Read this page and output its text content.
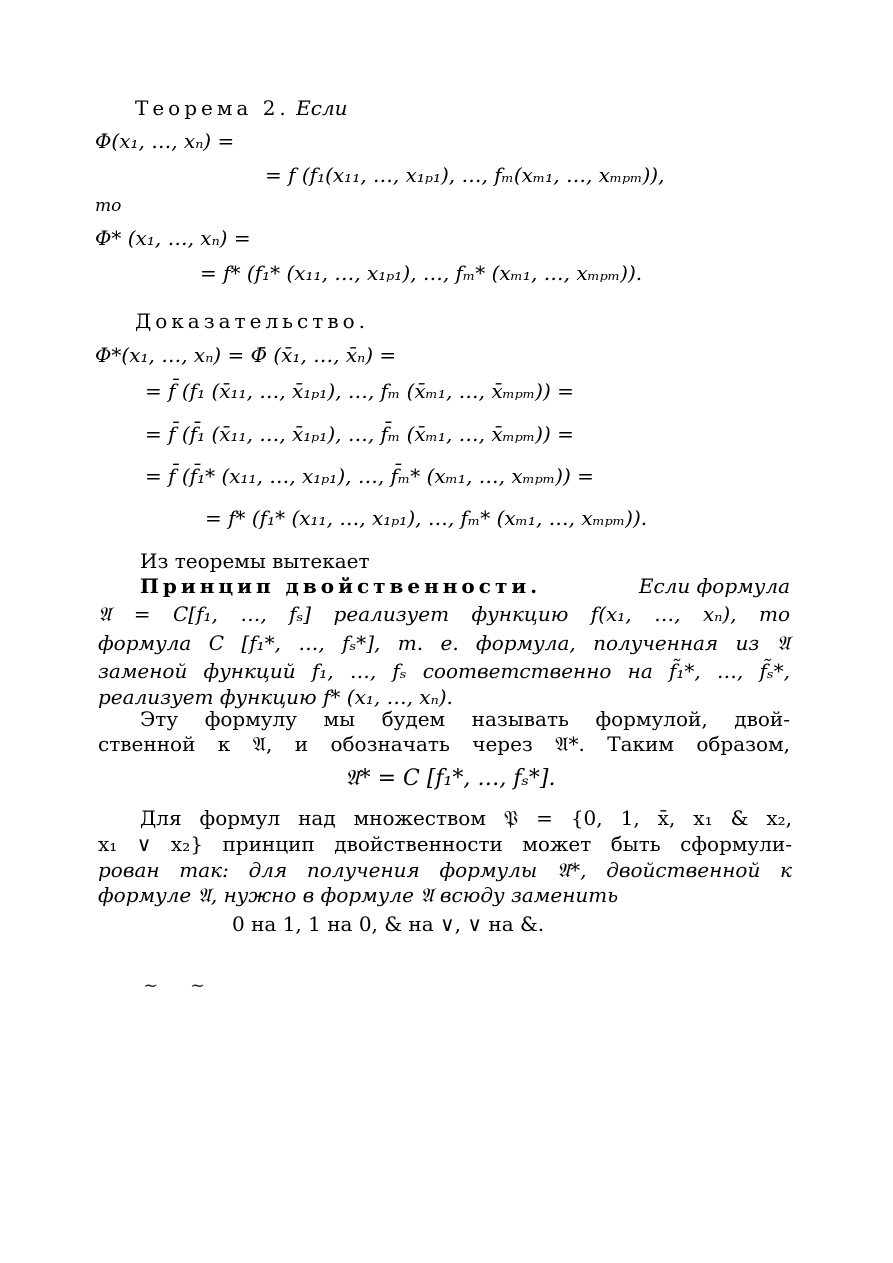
Теорема 2. Если
Φ(x₁, …, xₙ) =
= f (f₁(x₁₁, …, x₁ₚ₁), …, fₘ(xₘ₁, …, xₘₚₘ)),
то
Φ* (x₁, …, xₙ) =
= f* (f₁* (x₁₁, …, x₁ₚ₁), …, fₘ* (xₘ₁, …, xₘₚₘ)).
Доказательство.
Φ*(x₁, …, xₙ) = Φ̄ (x̄₁, …, x̄ₙ) =
= f̄ (f₁ (x̄₁₁, …, x̄₁ₚ₁), …, fₘ (x̄ₘ₁, …, x̄ₘₚₘ)) =
= f̄ (f̄̄₁ (x̄₁₁, …, x̄₁ₚ₁), …, f̄̄ₘ (x̄ₘ₁, …, x̄ₘₚₘ)) =
= f̄ (f̄₁* (x₁₁, …, x₁ₚ₁), …, f̄ₘ* (xₘ₁, …, xₘₚₘ)) =
= f* (f₁* (x₁₁, …, x₁ₚ₁), …, fₘ* (xₘ₁, …, xₘₚₘ)).
Из теоремы вытекает
Принцип двойственности.	Если формула
𝔄 = C[f₁, …, fₛ] реализует функцию f(x₁, …, xₙ), то
формула C [f₁*, …, fₛ*], т. е. формула, полученная из 𝔄
заменой функций f₁, …, fₛ соответственно на f̃₁*, …, f̃ₛ*,
реализует функцию f* (x₁, …, xₙ).
Эту формулу мы будем называть формулой, двой-
ственной к 𝔄, и обозначать через 𝔄*. Таким образом,
𝔄* = C [f₁*, …, fₛ*].
Для формул над множеством 𝔓 = {0, 1, x̄, x₁ & x₂,
x₁ ∨ x₂} принцип двойственности может быть сформули-
рован так: для получения формулы 𝔄*, двойственной к
формуле 𝔄, нужно в формуле 𝔄 всюду заменить
0 на 1, 1 на 0, & на ∨, ∨ на &.
~ ~
